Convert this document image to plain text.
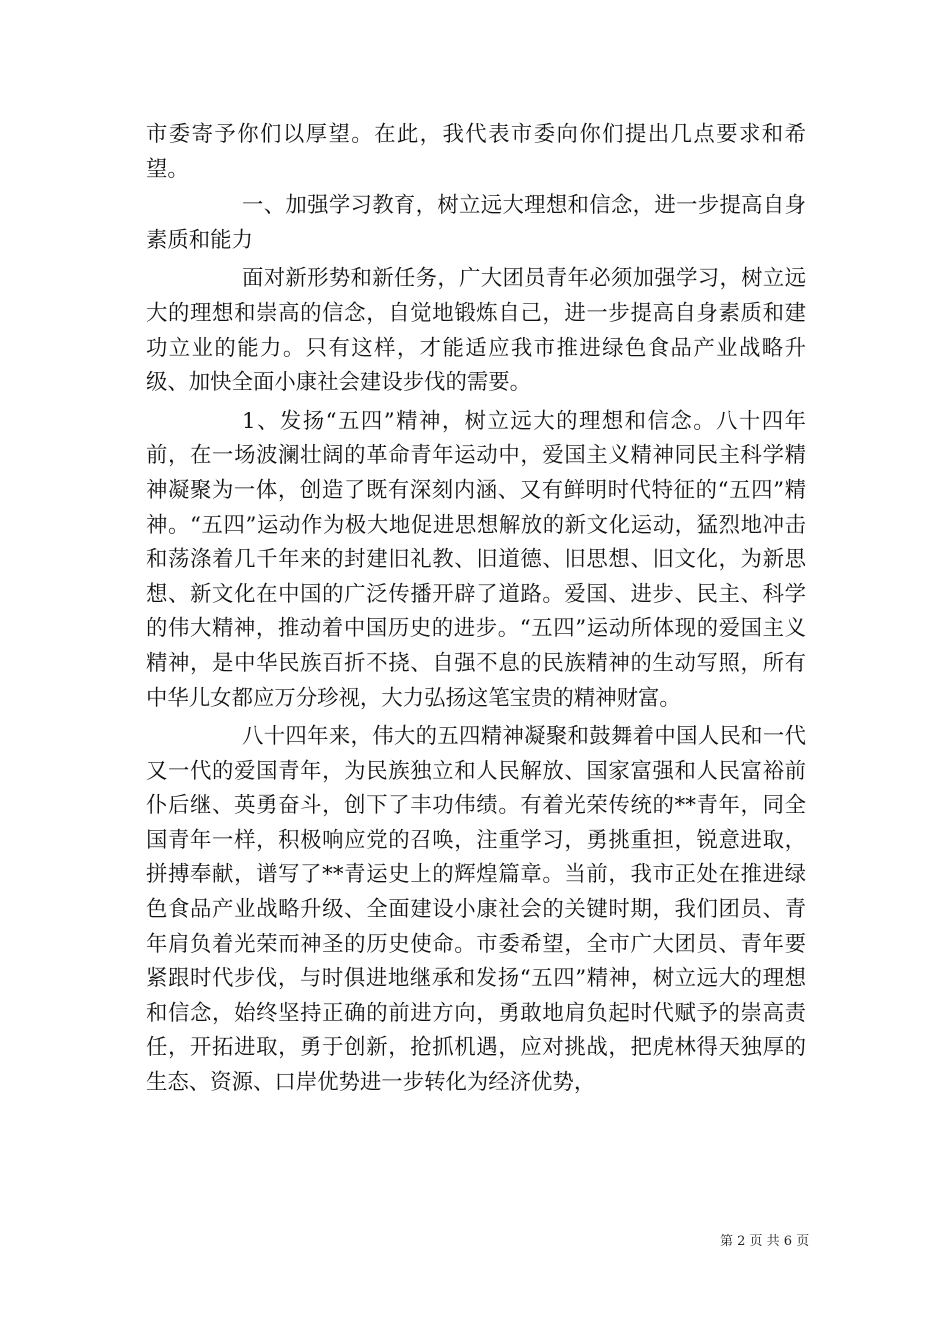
市委寄予你们以厚望。在此，我代表市委向你们提出几点要求和希望。

一、加强学习教育，树立远大理想和信念，进一步提高自身素质和能力

面对新形势和新任务，广大团员青年必须加强学习，树立远大的理想和崇高的信念，自觉地锻炼自己，进一步提高自身素质和建功立业的能力。只有这样，才能适应我市推进绿色食品产业战略升级、加快全面小康社会建设步伐的需要。

1、发扬“五四”精神，树立远大的理想和信念。八十四年前，在一场波澜壮阔的革命青年运动中，爱国主义精神同民主科学精神凝聚为一体，创造了既有深刻内涵、又有鲜明时代特征的“五四”精神。“五四”运动作为极大地促进思想解放的新文化运动，猛烈地冲击和荡涤着几千年来的封建旧礼教、旧道德、旧思想、旧文化，为新思想、新文化在中国的广泛传播开辟了道路。爱国、进步、民主、科学的伟大精神，推动着中国历史的进步。“五四”运动所体现的爱国主义精神，是中华民族百折不挠、自强不息的民族精神的生动写照，所有中华儿女都应万分珍视，大力弘扬这笔宝贵的精神财富。

八十四年来，伟大的五四精神凝聚和鼓舞着中国人民和一代又一代的爱国青年，为民族独立和人民解放、国家富强和人民富裕前仆后继、英勇奋斗，创下了丰功伟绩。有着光荣传统的**青年，同全国青年一样，积极响应党的召唤，注重学习，勇挑重担，锐意进取，拼搏奉献，谱写了**青运史上的辉煌篇章。当前，我市正处在推进绿色食品产业战略升级、全面建设小康社会的关键时期，我们团员、青年肩负着光荣而神圣的历史使命。市委希望，全市广大团员、青年要紧跟时代步伐，与时俱进地继承和发扬“五四”精神，树立远大的理想和信念，始终坚持正确的前进方向，勇敢地肩负起时代赋予的崇高责任，开拓进取，勇于创新，抢抓机遇，应对挑战，把虎林得天独厚的生态、资源、口岸优势进一步转化为经济优势，

第 2 页 共 6 页
